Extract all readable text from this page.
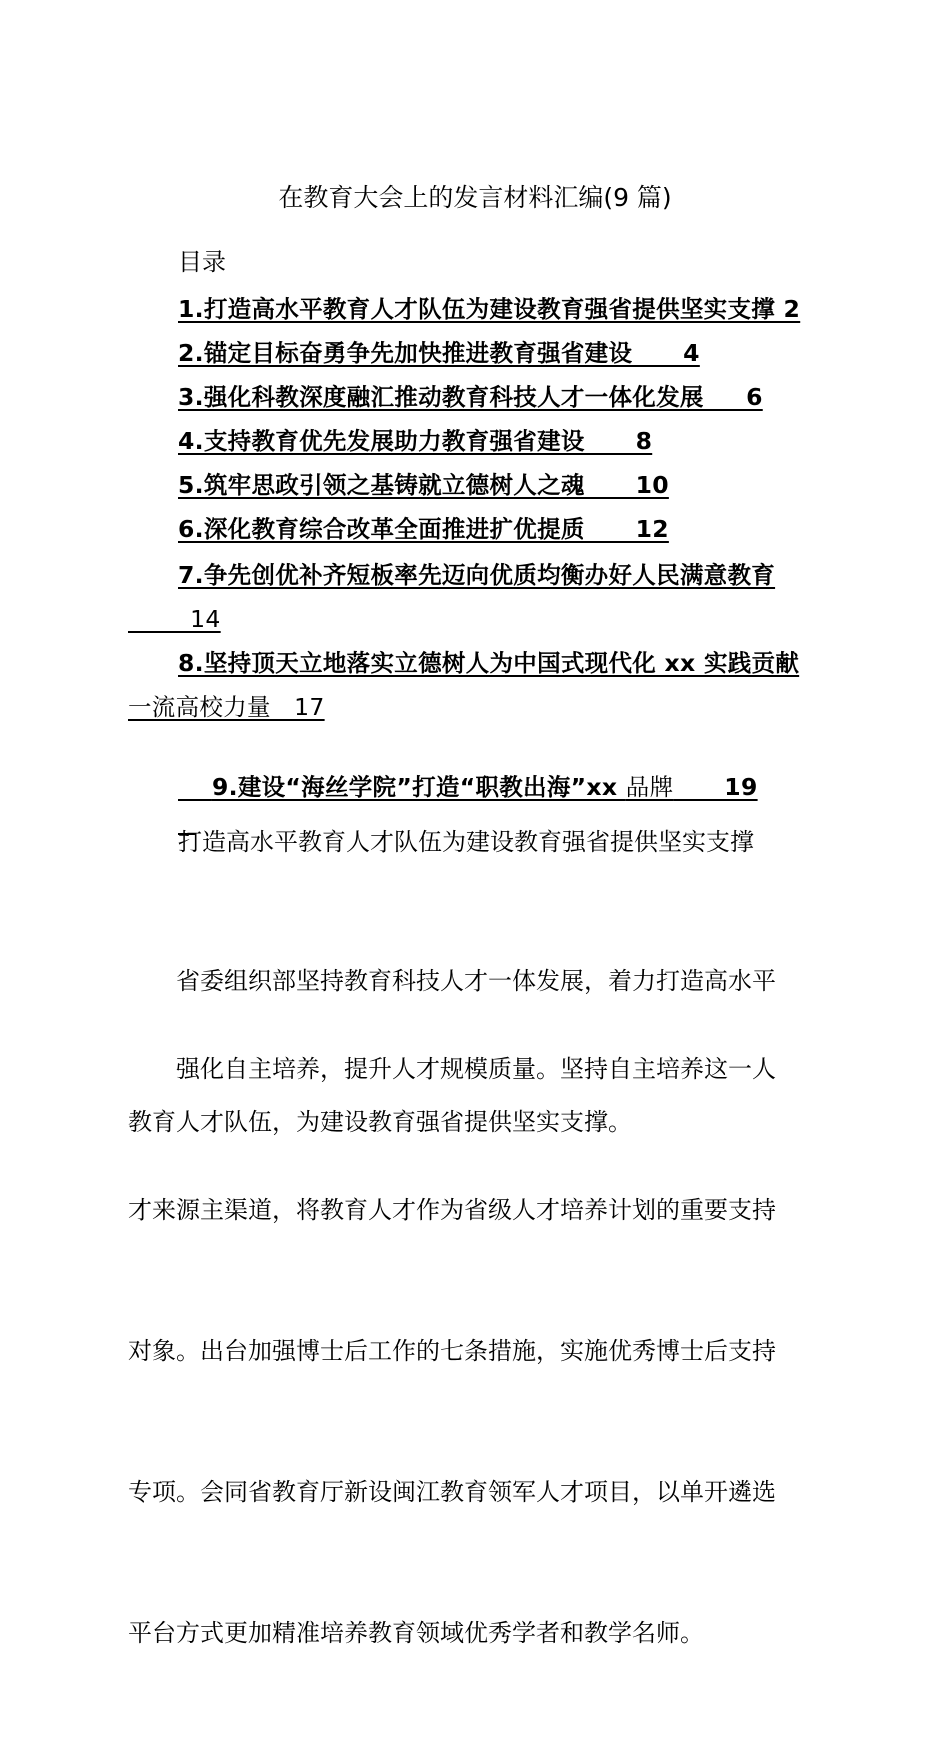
在教育大会上的发言材料汇编(9 篇)
目录
1.打造高水平教育人才队伍为建设教育强省提供坚实支撑 2
2.锚定目标奋勇争先加快推进教育强省建设      4
3.强化科教深度融汇推动教育科技人才一体化发展     6
4.支持教育优先发展助力教育强省建设      8
5.筑牢思政引领之基铸就立德树人之魂      10
6.深化教育综合改革全面推进扩优提质      12
7.争先创优补齐短板率先迈向优质均衡办好人民满意教育
14
8.坚持顶天立地落实立德树人为中国式现代化 xx 实践贡献
一流高校力量   17

9.建设“海丝学院”打造“职教出海”xx 品牌      19

打造高水平教育人才队伍为建设教育强省提供坚实支撑

　　省委组织部坚持教育科技人才一体发展，着力打造高水平

教育人才队伍，为建设教育强省提供坚实支撑。

　　强化自主培养，提升人才规模质量。坚持自主培养这一人

才来源主渠道，将教育人才作为省级人才培养计划的重要支持

对象。出台加强博士后工作的七条措施，实施优秀博士后支持

专项。会同省教育厅新设闽江教育领军人才项目，以单开遴选

平台方式更加精准培养教育领域优秀学者和教学名师。
